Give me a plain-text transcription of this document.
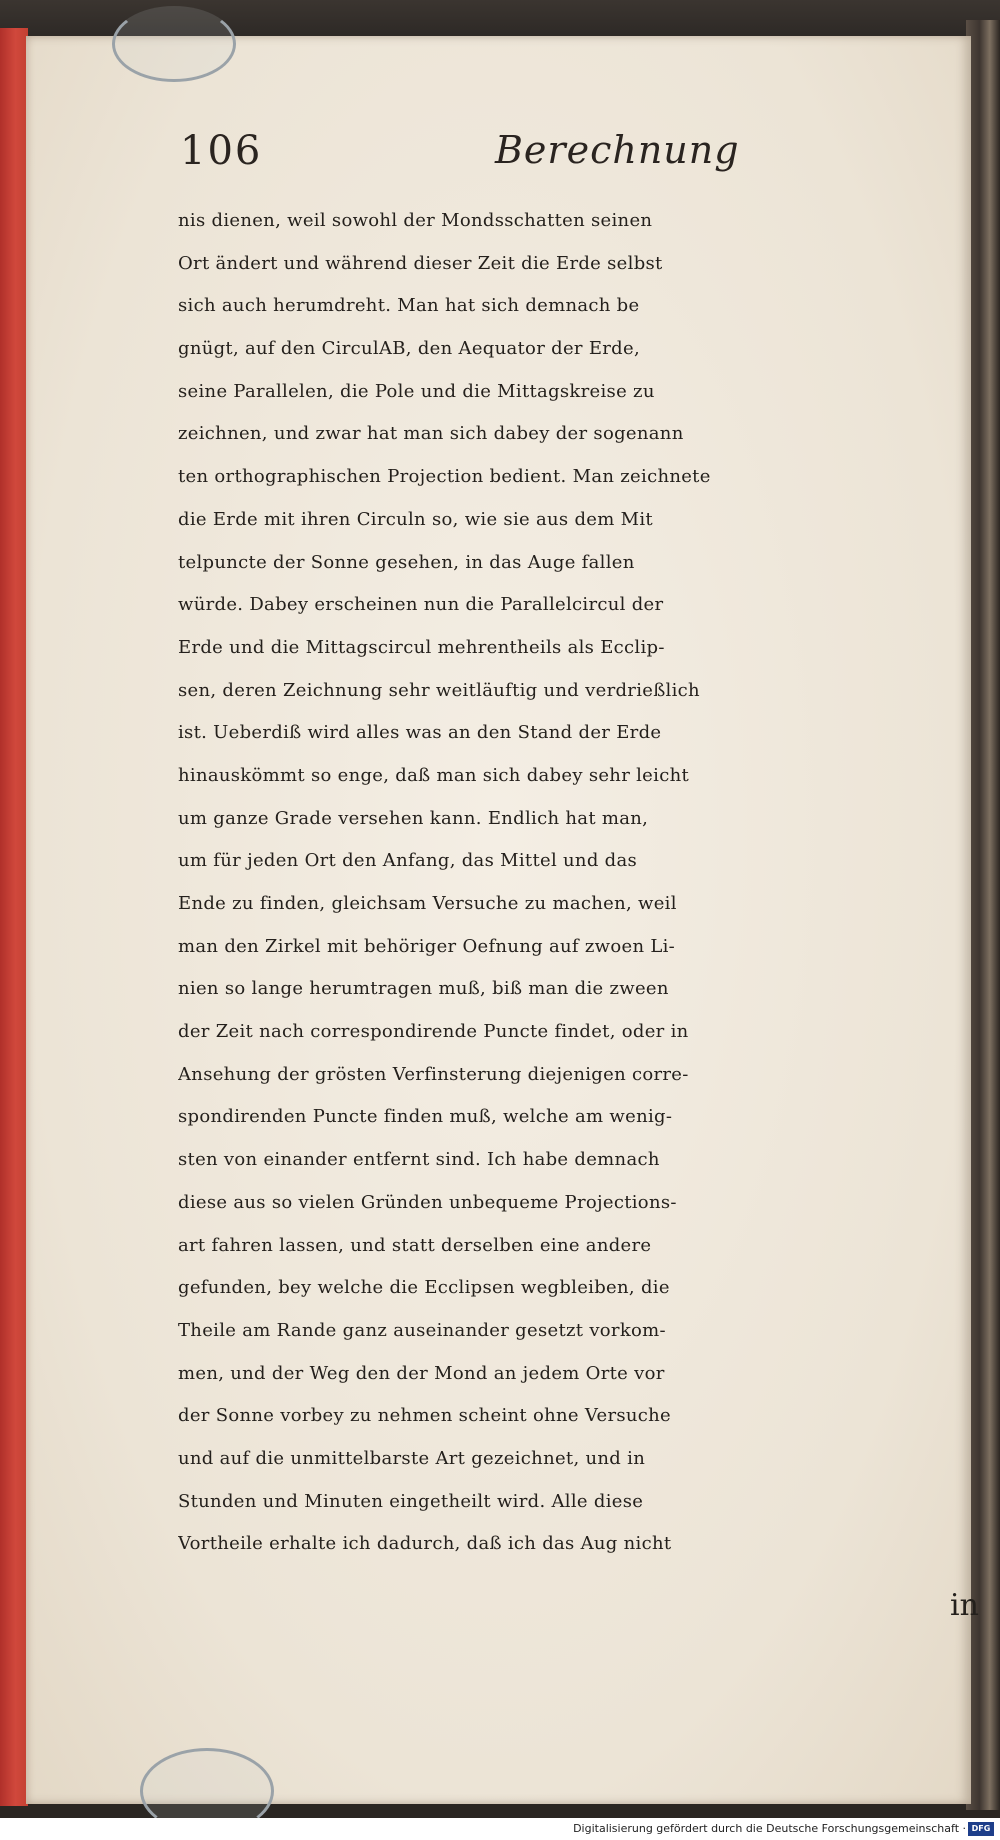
106	Berechnung
nis dienen, weil sowohl der Mondsschatten seinen
Ort ändert und während dieser Zeit die Erde selbst
sich auch herumdreht. Man hat sich demnach be
gnügt, auf den CirculAB, den Aequator der Erde,
seine Parallelen, die Pole und die Mittagskreise zu
zeichnen, und zwar hat man sich dabey der sogenann
ten orthographischen Projection bedient. Man zeichnete
die Erde mit ihren Circuln so, wie sie aus dem Mit
telpuncte der Sonne gesehen, in das Auge fallen
würde. Dabey erscheinen nun die Parallelcircul der
Erde und die Mittagscircul mehrentheils als Ecclip-
sen, deren Zeichnung sehr weitläuftig und verdrießlich
ist. Ueberdiß wird alles was an den Stand der Erde
hinauskömmt so enge, daß man sich dabey sehr leicht
um ganze Grade versehen kann. Endlich hat man,
um für jeden Ort den Anfang, das Mittel und das
Ende zu finden, gleichsam Versuche zu machen, weil
man den Zirkel mit behöriger Oefnung auf zwoen Li-
nien so lange herumtragen muß, biß man die zween
der Zeit nach correspondirende Puncte findet, oder in
Ansehung der grösten Verfinsterung diejenigen corre-
spondirenden Puncte finden muß, welche am wenig-
sten von einander entfernt sind. Ich habe demnach
diese aus so vielen Gründen unbequeme Projections-
art fahren lassen, und statt derselben eine andere
gefunden, bey welche die Ecclipsen wegbleiben, die
Theile am Rande ganz auseinander gesetzt vorkom-
men, und der Weg den der Mond an jedem Orte vor
der Sonne vorbey zu nehmen scheint ohne Versuche
und auf die unmittelbarste Art gezeichnet, und in
Stunden und Minuten eingetheilt wird. Alle diese
Vortheile erhalte ich dadurch, daß ich das Aug nicht
in
Digitalisierung gefördert durch die Deutsche Forschungsgemeinschaft · DFG
